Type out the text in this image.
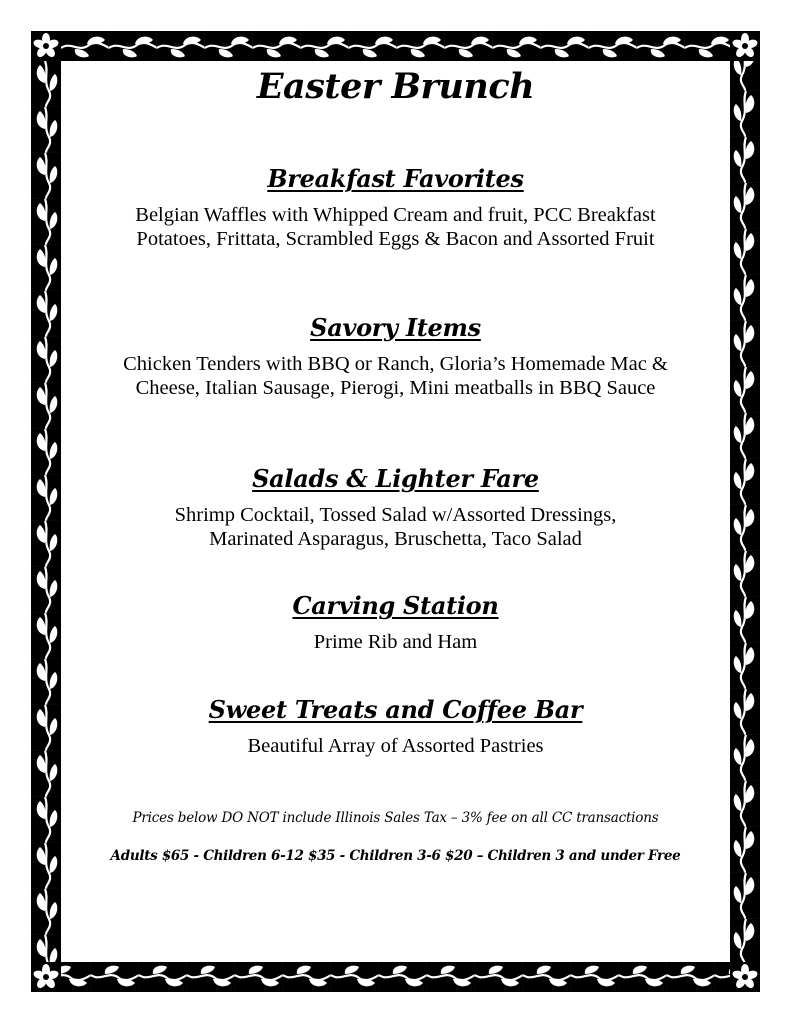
Easter Brunch
Breakfast Favorites

Belgian Waffles with Whipped Cream and fruit, PCC Breakfast Potatoes, Frittata, Scrambled Eggs & Bacon and Assorted Fruit

Savory Items

Chicken Tenders with BBQ or Ranch, Gloria’s Homemade Mac & Cheese, Italian Sausage, Pierogi, Mini meatballs in BBQ Sauce

Salads & Lighter Fare

Shrimp Cocktail, Tossed Salad w/Assorted Dressings, Marinated Asparagus, Bruschetta, Taco Salad

Carving Station

Prime Rib and Ham

Sweet Treats and Coffee Bar

Beautiful Array of Assorted Pastries

Prices below DO NOT include Illinois Sales Tax – 3% fee on all CC transactions
Adults $65 - Children 6-12 $35 - Children 3-6 $20 – Children 3 and under Free
